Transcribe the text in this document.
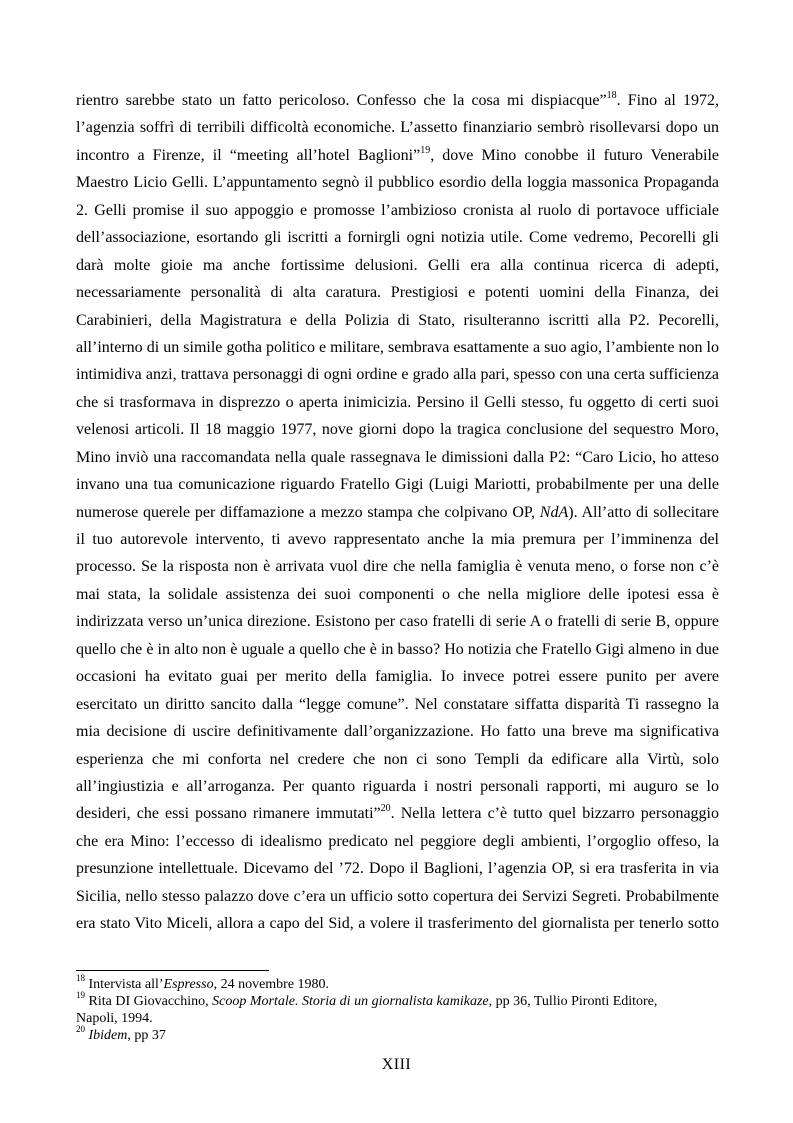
rientro sarebbe stato un fatto pericoloso. Confesso che la cosa mi dispiacque”$^{18}$. Fino al 1972,
l’agenzia soffrì di terribili difficoltà economiche. L’assetto finanziario sembrò risollevarsi dopo un
incontro a Firenze, il “meeting all’hotel Baglioni”$^{19}$, dove Mino conobbe il futuro Venerabile
Maestro Licio Gelli. L’appuntamento segnò il pubblico esordio della loggia massonica Propaganda
2. Gelli promise il suo appoggio e promosse l’ambizioso cronista al ruolo di portavoce ufficiale
dell’associazione, esortando gli iscritti a fornirgli ogni notizia utile. Come vedremo, Pecorelli gli
darà molte gioie ma anche fortissime delusioni. Gelli era alla continua ricerca di adepti,
necessariamente personalità di alta caratura. Prestigiosi e potenti uomini della Finanza, dei
Carabinieri, della Magistratura e della Polizia di Stato, risulteranno iscritti alla P2. Pecorelli,
all’interno di un simile gotha politico e militare, sembrava esattamente a suo agio, l’ambiente non lo
intimidiva anzi, trattava personaggi di ogni ordine e grado alla pari, spesso con una certa sufficienza
che si trasformava in disprezzo o aperta inimicizia. Persino il Gelli stesso, fu oggetto di certi suoi
velenosi articoli. Il 18 maggio 1977, nove giorni dopo la tragica conclusione del sequestro Moro,
Mino inviò una raccomandata nella quale rassegnava le dimissioni dalla P2: “Caro Licio, ho atteso
invano una tua comunicazione riguardo Fratello Gigi (Luigi Mariotti, probabilmente per una delle
numerose querele per diffamazione a mezzo stampa che colpivano OP, NdA). All’atto di sollecitare
il tuo autorevole intervento, ti avevo rappresentato anche la mia premura per l’imminenza del
processo. Se la risposta non è arrivata vuol dire che nella famiglia è venuta meno, o forse non c’è
mai stata, la solidale assistenza dei suoi componenti o che nella migliore delle ipotesi essa è
indirizzata verso un’unica direzione. Esistono per caso fratelli di serie A o fratelli di serie B, oppure
quello che è in alto non è uguale a quello che è in basso? Ho notizia che Fratello Gigi almeno in due
occasioni ha evitato guai per merito della famiglia. Io invece potrei essere punito per avere
esercitato un diritto sancito dalla “legge comune”. Nel constatare siffatta disparità Ti rassegno la
mia decisione di uscire definitivamente dall’organizzazione. Ho fatto una breve ma significativa
esperienza che mi conforta nel credere che non ci sono Templi da edificare alla Virtù, solo
all’ingiustizia e all’arroganza. Per quanto riguarda i nostri personali rapporti, mi auguro se lo
desideri, che essi possano rimanere immutati”$^{20}$. Nella lettera c’è tutto quel bizzarro personaggio
che era Mino: l’eccesso di idealismo predicato nel peggiore degli ambienti, l’orgoglio offeso, la
presunzione intellettuale. Dicevamo del ’72. Dopo il Baglioni, l’agenzia OP, si era trasferita in via
Sicilia, nello stesso palazzo dove c’era un ufficio sotto copertura dei Servizi Segreti. Probabilmente
era stato Vito Miceli, allora a capo del Sid, a volere il trasferimento del giornalista per tenerlo sotto
$^{18}$ Intervista all’Espresso, 24 novembre 1980.
$^{19}$ Rita DI Giovacchino, Scoop Mortale. Storia di un giornalista kamikaze, pp 36, Tullio Pironti Editore,
Napoli, 1994.
$^{20}$ Ibidem, pp 37
XIII
